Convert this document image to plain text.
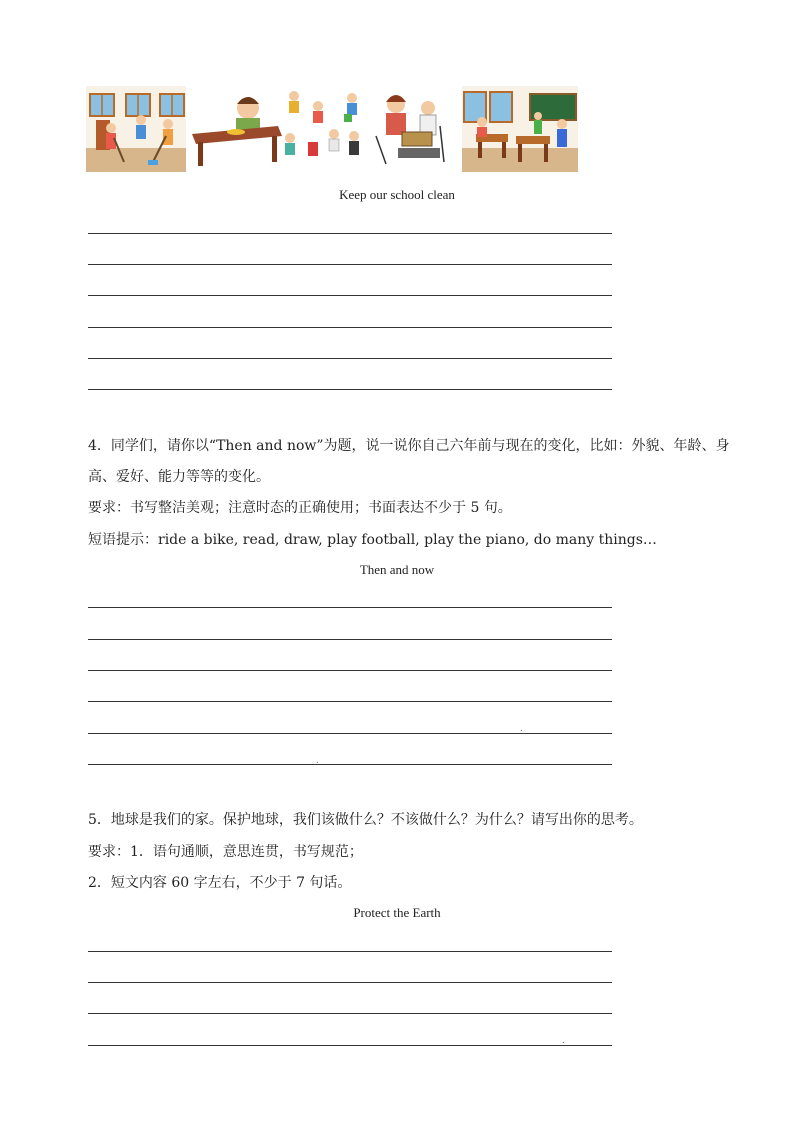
Keep our school clean
4．同学们，请你以“Then and now”为题，说一说你自己六年前与现在的变化，比如：外貌、年龄、身
高、爱好、能力等等的变化。
要求：书写整洁美观；注意时态的正确使用；书面表达不少于 5 句。
短语提示：ride a bike, read, draw, play football, play the piano, do many things…
Then and now
.
.
5．地球是我们的家。保护地球，我们该做什么？不该做什么？为什么？请写出你的思考。
要求：1．语句通顺，意思连贯，书写规范；
2．短文内容 60 字左右，不少于 7 句话。
Protect the Earth
.
